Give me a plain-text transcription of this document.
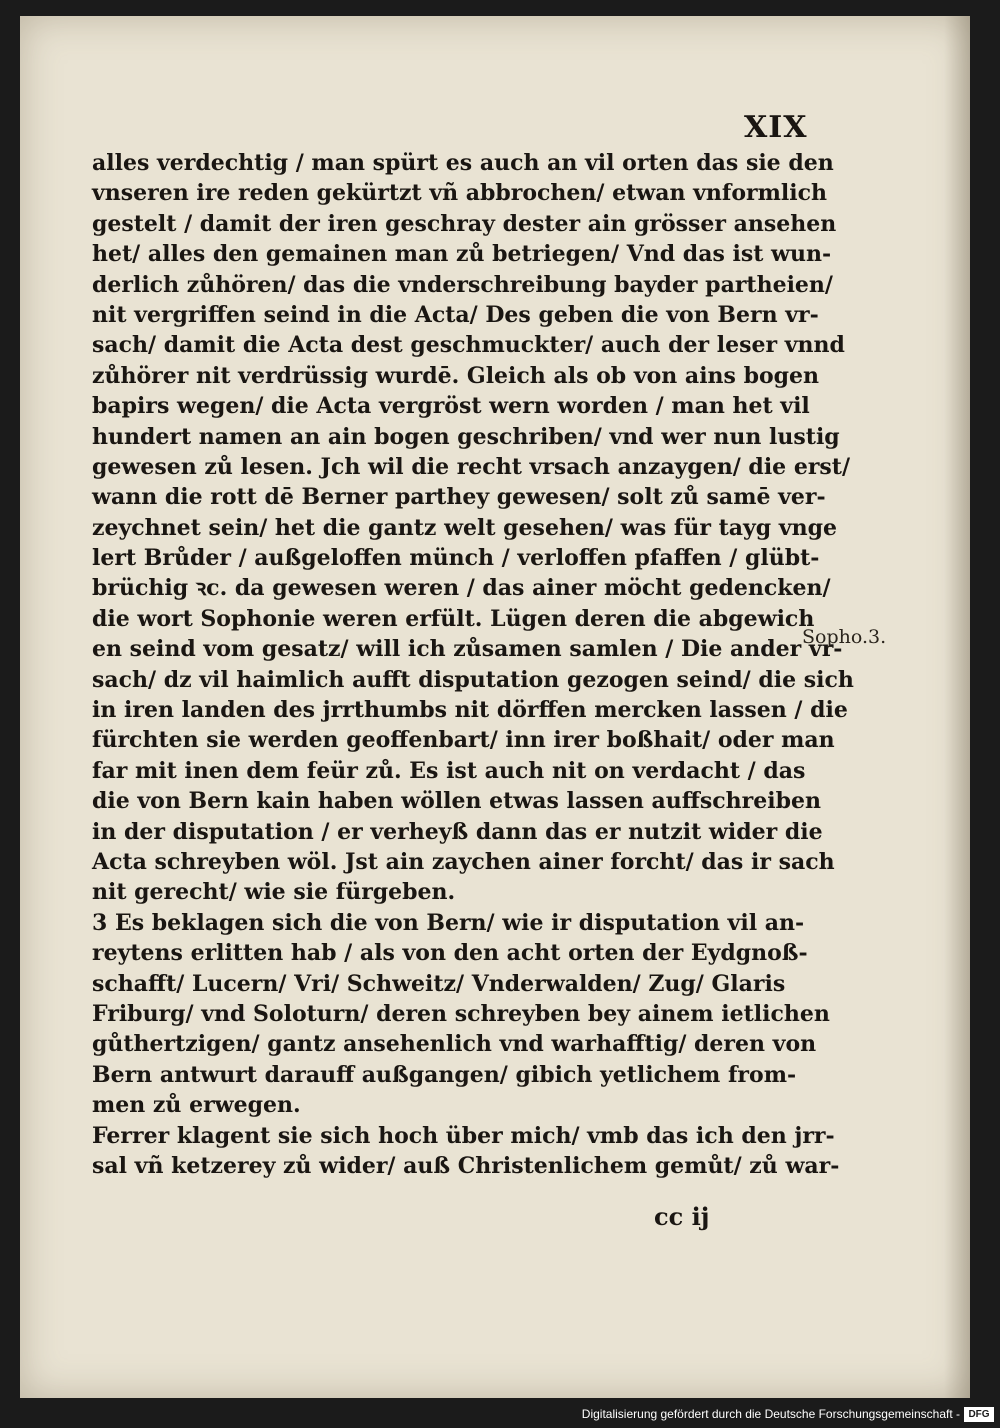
XIX
alles verdechtig / man spürt es auch an vil orten das sie den
vnseren ire reden gekürtzt vñ abbrochen/ etwan vnformlich
gestelt / damit der iren geschray dester ain grösser ansehen
het/ alles den gemainen man zů betriegen/ Vnd das ist wun-
derlich zůhören/ das die vnderschreibung bayder partheien/
nit vergriffen seind in die Acta/ Des geben die von Bern vr-
sach/ damit die Acta dest geschmuckter/ auch der leser vnnd
zůhörer nit verdrüssig wurdē. Gleich als ob von ains bogen
bapirs wegen/ die Acta vergröst wern worden / man het vil
hundert namen an ain bogen geschriben/ vnd wer nun lustig
gewesen zů lesen. Jch wil die recht vrsach anzaygen/ die erst/
wann die rott dē Berner parthey gewesen/ solt zů samē ver-
zeychnet sein/ het die gantz welt gesehen/ was für tayg vnge
lert Brůder / außgeloffen münch / verloffen pfaffen / glübt-
brüchig ꝛc. da gewesen weren / das ainer möcht gedencken/
die wort Sophonie weren erfült. Lügen deren die abgewich
en seind vom gesatz/ will ich zůsamen samlen / Die ander vr-
sach/ dz vil haimlich aufft disputation gezogen seind/ die sich
in iren landen des jrrthumbs nit dörffen mercken lassen / die
fürchten sie werden geoffenbart/ inn irer boßhait/ oder man
far mit inen dem feür zů. Es ist auch nit on verdacht / das
die von Bern kain haben wöllen etwas lassen auffschreiben
in der disputation / er verheyß dann das er nutzit wider die
Acta schreyben wöl. Jst ain zaychen ainer forcht/ das ir sach
nit gerecht/ wie sie fürgeben.
3 Es beklagen sich die von Bern/ wie ir disputation vil an-
reytens erlitten hab / als von den acht orten der Eydgnoß-
schafft/ Lucern/ Vri/ Schweitz/ Vnderwalden/ Zug/ Glaris
Friburg/ vnd Soloturn/ deren schreyben bey ainem ietlichen
gůthertzigen/ gantz ansehenlich vnd warhafftig/ deren von
Bern antwurt darauff außgangen/ gibich yetlichem from-
men zů erwegen.
Ferrer klagent sie sich hoch über mich/ vmb das ich den jrr-
sal vñ ketzerey zů wider/ auß Christenlichem gemůt/ zů war-
Sopho.3.
cc ij
Digitalisierung gefördert durch die Deutsche Forschungsgemeinschaft - DFG
